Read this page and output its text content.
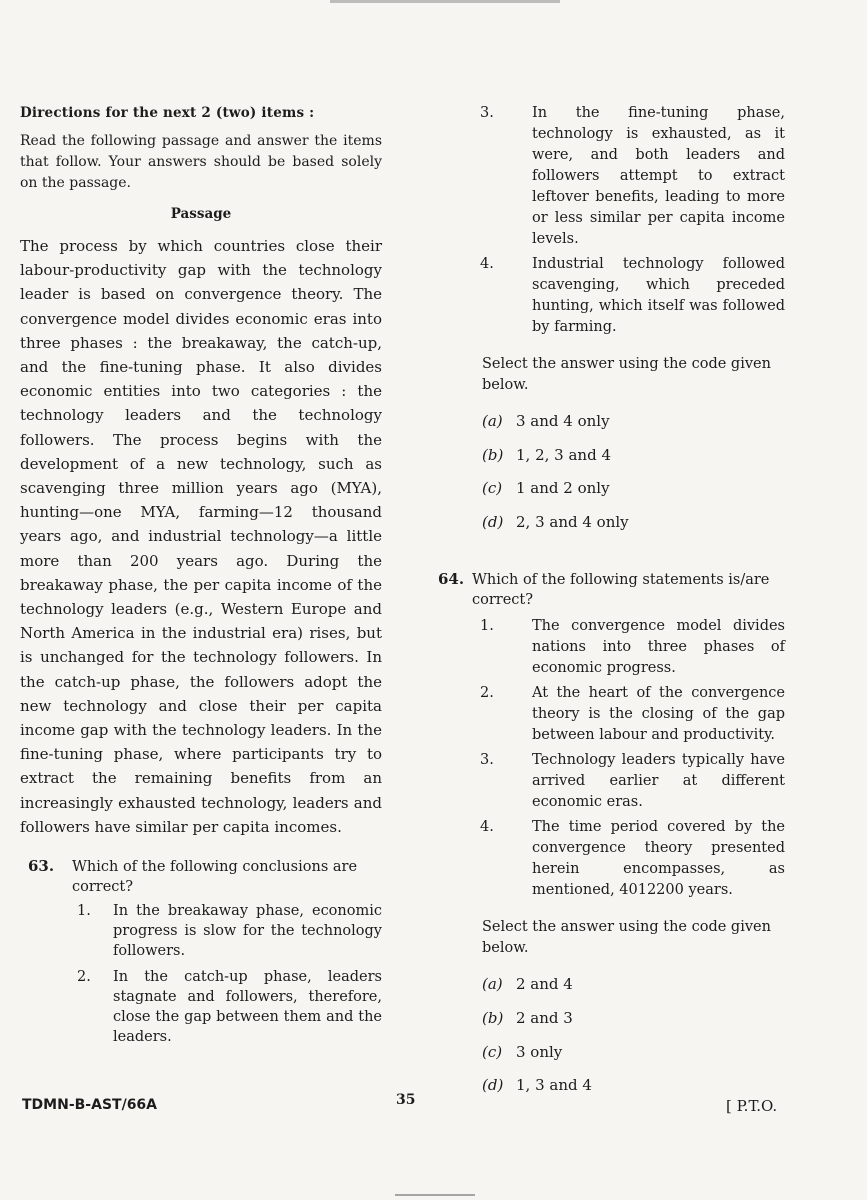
Directions for the next 2 (two) items :

Read the following passage and answer the items that follow. Your answers should be based solely on the passage.

Passage

The process by which countries close their labour-productivity gap with the technology leader is based on convergence theory. The convergence model divides economic eras into three phases : the breakaway, the catch-up, and the fine-tuning phase. It also divides economic entities into two categories : the technology leaders and the technology followers. The process begins with the development of a new technology, such as scavenging three million years ago (MYA), hunting—one MYA, farming—12 thousand years ago, and industrial technology—a little more than 200 years ago. During the breakaway phase, the per capita income of the technology leaders (e.g., Western Europe and North America in the industrial era) rises, but is unchanged for the technology followers. In the catch-up phase, the followers adopt the new technology and close their per capita income gap with the technology leaders. In the fine-tuning phase, where participants try to extract the remaining benefits from an increasingly exhausted technology, leaders and followers have similar per capita incomes.

63. Which of the following conclusions are correct?
1. In the breakaway phase, economic progress is slow for the technology followers.
2. In the catch-up phase, leaders stagnate and followers, therefore, close the gap between them and the leaders.
3.	In the fine-tuning phase, technology is exhausted, as it were, and both leaders and followers attempt to extract leftover benefits, leading to more or less similar per capita income levels.
4.	Industrial technology followed scavenging, which preceded hunting, which itself was followed by farming.
Select the answer using the code given below.
(a) 3 and 4 only
(b) 1, 2, 3 and 4
(c) 1 and 2 only
(d) 2, 3 and 4 only
64. Which of the following statements is/are correct?
1.	The convergence model divides nations into three phases of economic progress.
2.	At the heart of the convergence theory is the closing of the gap between labour and productivity.
3.	Technology leaders typically have arrived earlier at different economic eras.
4.	The time period covered by the convergence theory presented herein encompasses, as mentioned, 4012200 years.
Select the answer using the code given below.
(a) 2 and 4
(b) 2 and 3
(c) 3 only
(d) 1, 3 and 4
TDMN-B-AST/66A	35	[ P.T.O.
